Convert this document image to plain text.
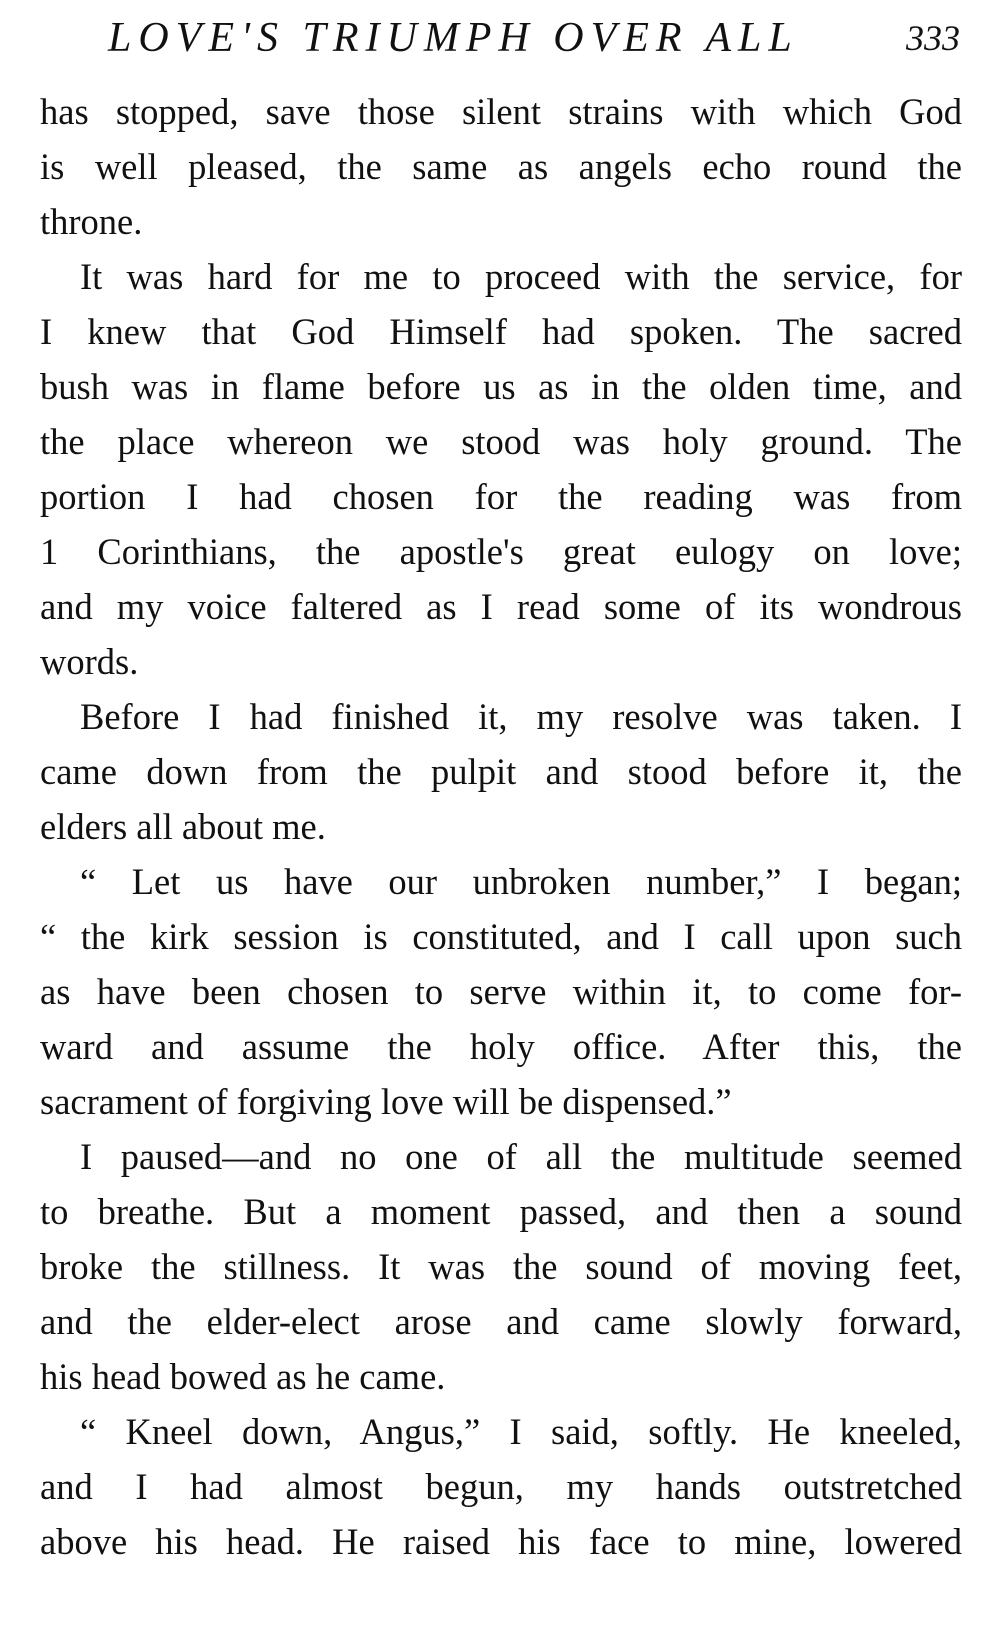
LOVE'S TRIUMPH OVER ALL	333
has stopped, save those silent strains with which God
is well pleased, the same as angels echo round the
throne.
It was hard for me to proceed with the service, for
I knew that God Himself had spoken. The sacred
bush was in flame before us as in the olden time, and
the place whereon we stood was holy ground. The
portion I had chosen for the reading was from
1 Corinthians, the apostle's great eulogy on love;
and my voice faltered as I read some of its wondrous
words.
Before I had finished it, my resolve was taken. I
came down from the pulpit and stood before it, the
elders all about me.
“ Let us have our unbroken number,” I began;
“ the kirk session is constituted, and I call upon such
as have been chosen to serve within it, to come for-
ward and assume the holy office. After this, the
sacrament of forgiving love will be dispensed.”
I paused—and no one of all the multitude seemed
to breathe. But a moment passed, and then a sound
broke the stillness. It was the sound of moving feet,
and the elder-elect arose and came slowly forward,
his head bowed as he came.
“ Kneel down, Angus,” I said, softly. He kneeled,
and I had almost begun, my hands outstretched
above his head. He raised his face to mine, lowered
